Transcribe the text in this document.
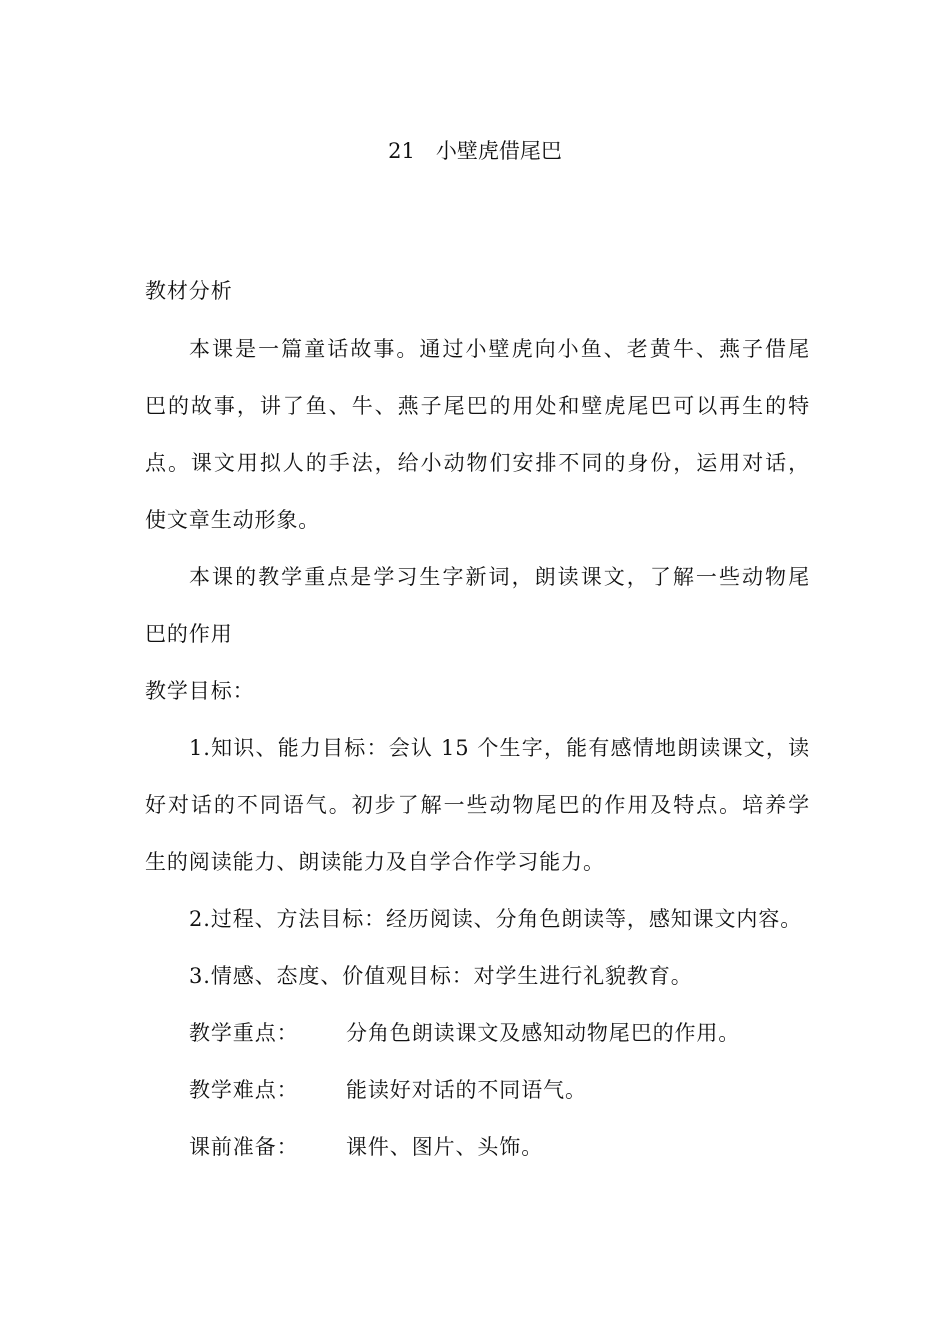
21　小壁虎借尾巴
教材分析
本课是一篇童话故事。通过小壁虎向小鱼、老黄牛、燕子借尾
巴的故事，讲了鱼、牛、燕子尾巴的用处和壁虎尾巴可以再生的特
点。课文用拟人的手法，给小动物们安排不同的身份，运用对话，
使文章生动形象。
本课的教学重点是学习生字新词，朗读课文，了解一些动物尾
巴的作用
教学目标：
1.知识、能力目标：会认 15 个生字，能有感情地朗读课文，读
好对话的不同语气。初步了解一些动物尾巴的作用及特点。培养学
生的阅读能力、朗读能力及自学合作学习能力。
2.过程、方法目标：经历阅读、分角色朗读等，感知课文内容。
3.情感、态度、价值观目标：对学生进行礼貌教育。
教学重点： 分角色朗读课文及感知动物尾巴的作用。
教学难点： 能读好对话的不同语气。
课前准备： 课件、图片、头饰。
